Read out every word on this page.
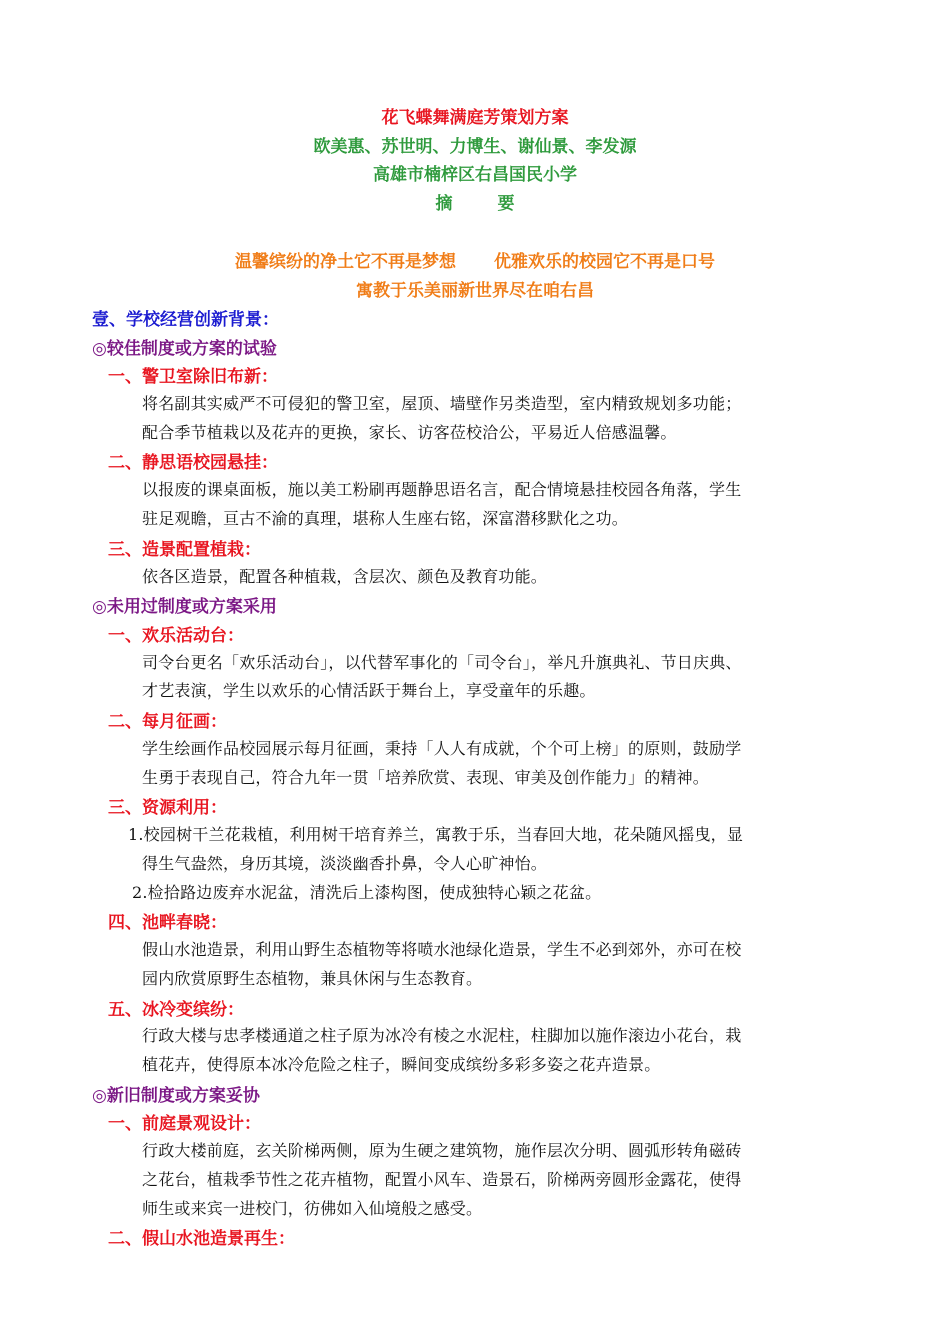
花飞蝶舞满庭芳策划方案
欧美惠、苏世明、力博生、谢仙景、李发源
高雄市楠梓区右昌国民小学
摘　要
温馨缤纷的净土它不再是梦想 优雅欢乐的校园它不再是口号
寓教于乐美丽新世界尽在咱右昌
壹、学校经营创新背景：
◎较佳制度或方案的试验
一、警卫室除旧布新：
将名副其实威严不可侵犯的警卫室，屋顶、墙壁作另类造型，室内精致规划多功能；
配合季节植栽以及花卉的更换，家长、访客莅校洽公，平易近人倍感温馨。
二、静思语校园悬挂：
以报废的课桌面板，施以美工粉刷再题静思语名言，配合情境悬挂校园各角落，学生
驻足观瞻，亘古不渝的真理，堪称人生座右铭，深富潜移默化之功。
三、造景配置植栽：
依各区造景，配置各种植栽，含层次、颜色及教育功能。
◎未用过制度或方案采用
一、欢乐活动台：
司令台更名「欢乐活动台」，以代替军事化的「司令台」，举凡升旗典礼、节日庆典、
才艺表演，学生以欢乐的心情活跃于舞台上，享受童年的乐趣。
二、每月征画：
学生绘画作品校园展示每月征画，秉持「人人有成就，个个可上榜」的原则，鼓励学
生勇于表现自己，符合九年一贯「培养欣赏、表现、审美及创作能力」的精神。
三、资源利用：
1.校园树干兰花栽植，利用树干培育养兰，寓教于乐，当春回大地，花朵随风摇曳，显
得生气盎然，身历其境，淡淡幽香扑鼻，令人心旷神怡。
2.检拾路边废弃水泥盆，清洗后上漆构图，使成独特心颖之花盆。
四、池畔春晓：
假山水池造景，利用山野生态植物等将喷水池绿化造景，学生不必到郊外，亦可在校
园内欣赏原野生态植物，兼具休闲与生态教育。
五、冰冷变缤纷：
行政大楼与忠孝楼通道之柱子原为冰冷有棱之水泥柱，柱脚加以施作滚边小花台，栽
植花卉，使得原本冰冷危险之柱子，瞬间变成缤纷多彩多姿之花卉造景。
◎新旧制度或方案妥协
一、前庭景观设计：
行政大楼前庭，玄关阶梯两侧，原为生硬之建筑物，施作层次分明、圆弧形转角磁砖
之花台，植栽季节性之花卉植物，配置小风车、造景石，阶梯两旁圆形金露花，使得
师生或来宾一进校门，彷佛如入仙境般之感受。
二、假山水池造景再生：
